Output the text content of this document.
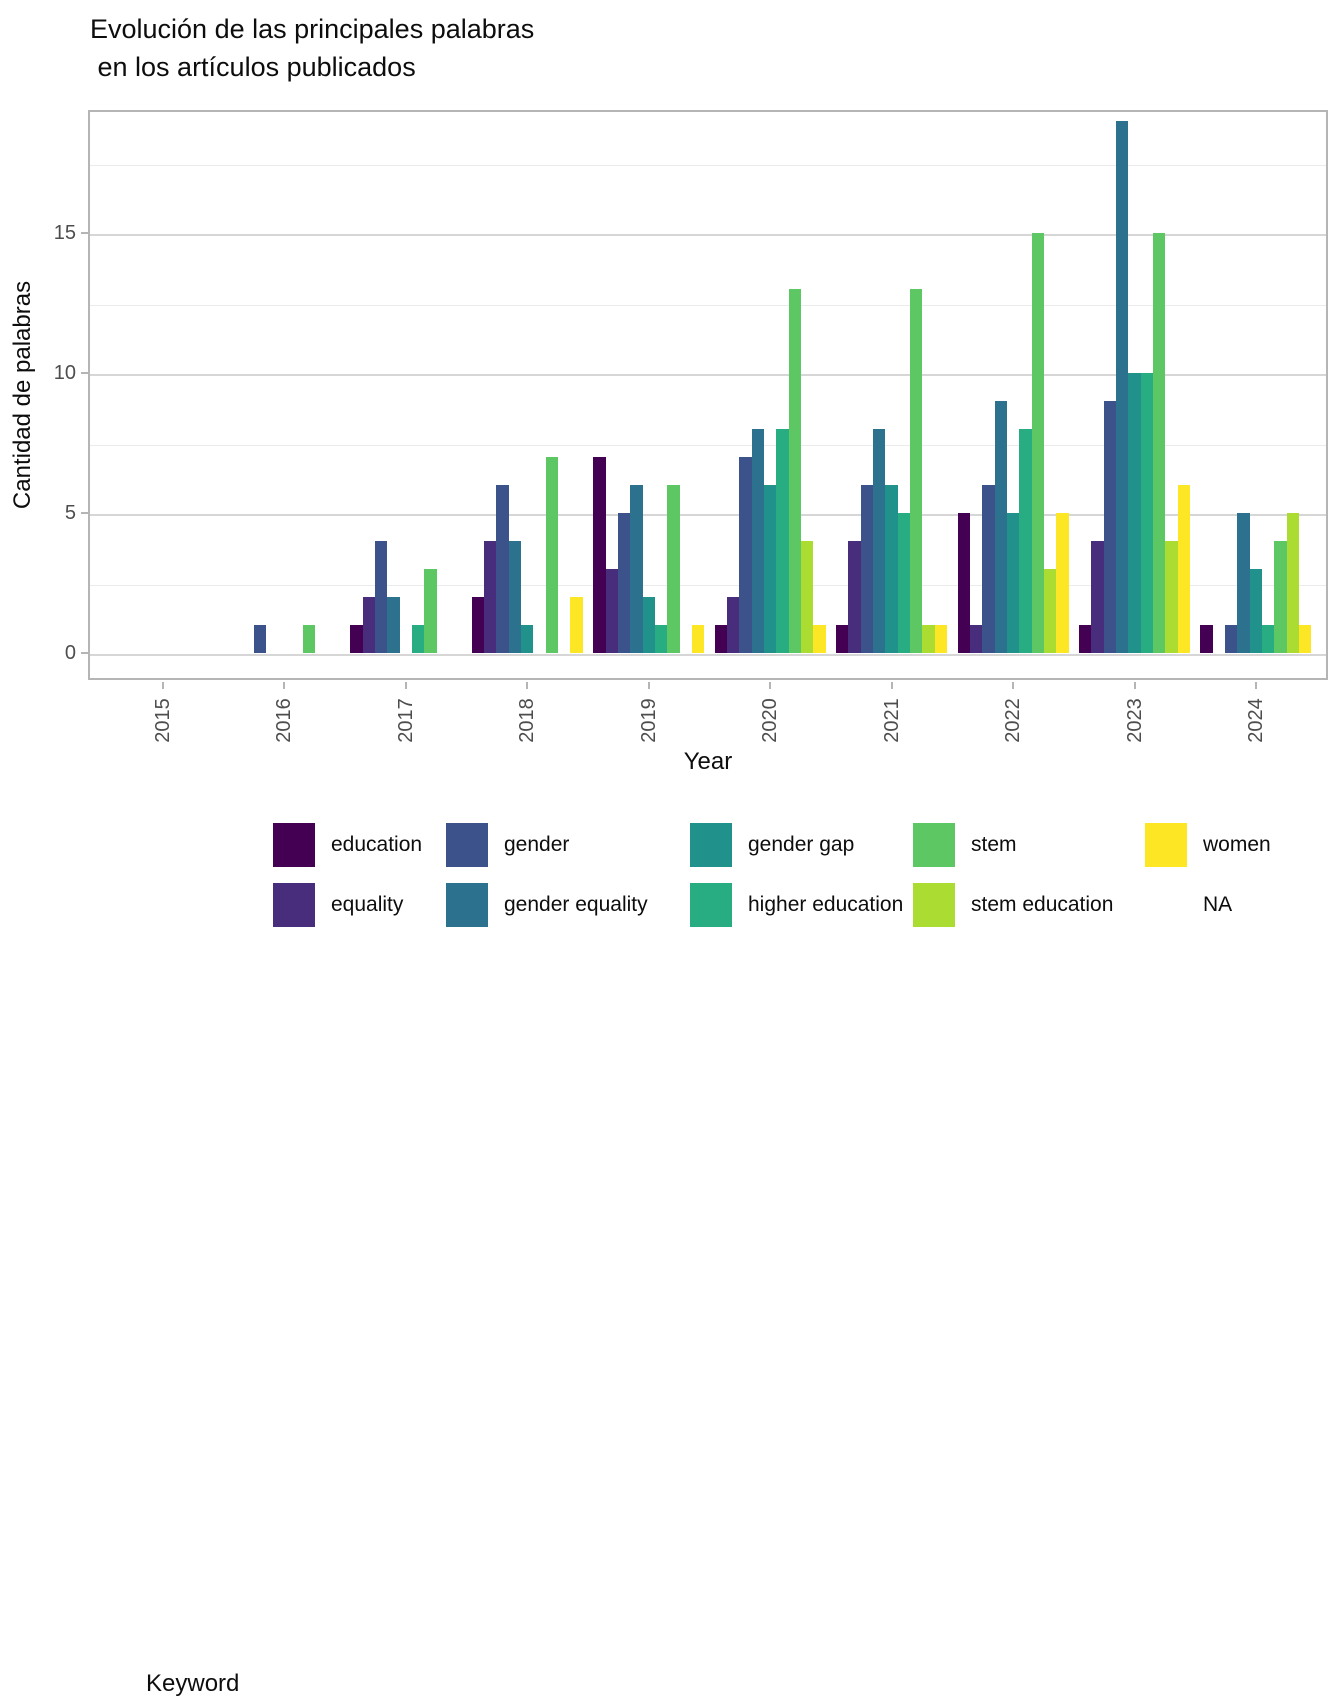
Evolución de las principales palabras
en los artículos publicados
Cantidad de palabras
0
5
10
15
2015	2016	2017	2018	2019	2020	2021	2022	2023	2024
Year
Keyword
education
equality
gender
gender equality
gender gap
higher education
stem
stem education
women
NA
